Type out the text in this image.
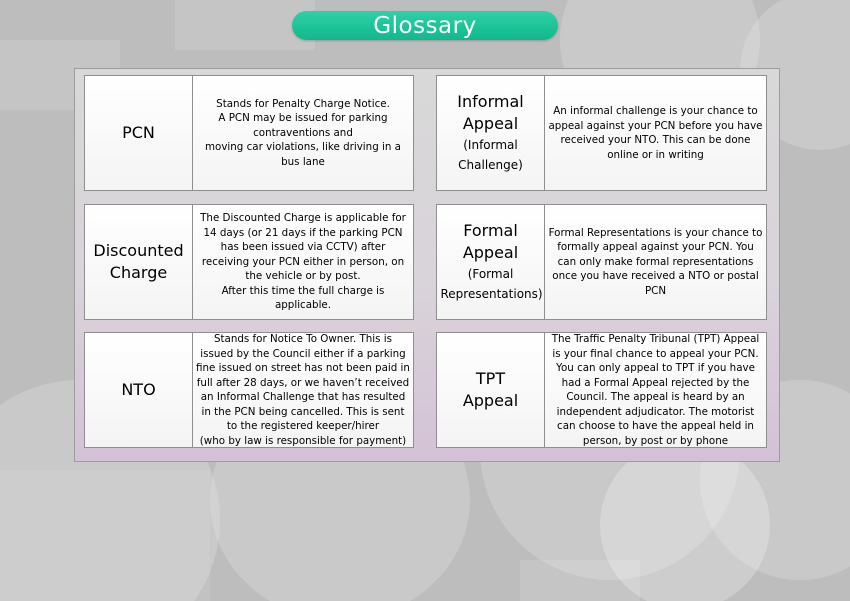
Glossary
PCN
Stands for Penalty Charge Notice.
A PCN may be issued for parking contraventions and
moving car violations, like driving in a bus lane
Informal Appeal
(Informal Challenge)
An informal challenge is your chance to appeal against your PCN before you have received your NTO. This can be done online or in writing
Discounted Charge
The Discounted Charge is applicable for 14 days (or 21 days if the parking PCN has been issued via CCTV) after receiving your PCN either in person, on the vehicle or by post.
After this time the full charge is applicable.
Formal Appeal
(Formal Representations)
Formal Representations is your chance to formally appeal against your PCN. You can only make formal representations once you have received a NTO or postal PCN
NTO
Stands for Notice To Owner. This is issued by the Council either if a parking fine issued on street has not been paid in full after 28 days, or we haven’t received an Informal Challenge that has resulted in the PCN being cancelled. This is sent to the registered keeper/hirer
(who by law is responsible for payment)
TPT Appeal
The Traffic Penalty Tribunal (TPT) Appeal is your final chance to appeal your PCN. You can only appeal to TPT if you have had a Formal Appeal rejected by the Council. The appeal is heard by an independent adjudicator. The motorist can choose to have the appeal held in person, by post or by phone
